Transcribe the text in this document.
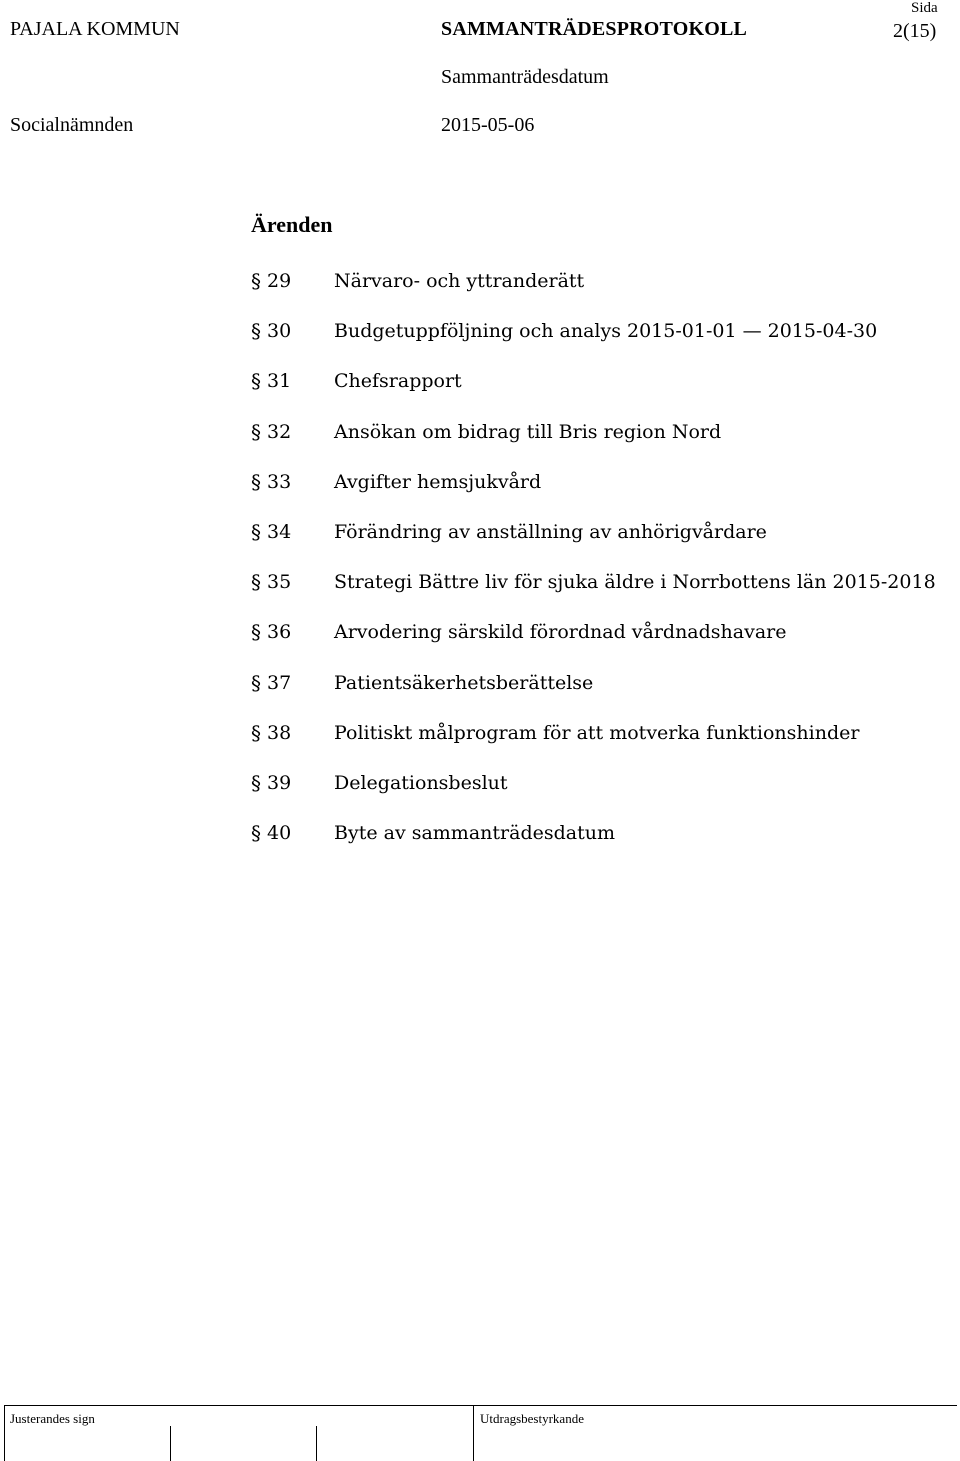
PAJALA KOMMUN	SAMMANTRÄDESPROTOKOLL
Sida
2(15)
Sammanträdesdatum
Socialnämnden	2015-05-06
Ärenden
§ 29	Närvaro- och yttranderätt
§ 30	Budgetuppföljning och analys 2015-01-01 — 2015-04-30
§ 31	Chefsrapport
§ 32	Ansökan om bidrag till Bris region Nord
§ 33	Avgifter hemsjukvård
§ 34	Förändring av anställning av anhörigvårdare
§ 35	Strategi Bättre liv för sjuka äldre i Norrbottens län 2015-2018
§ 36	Arvodering särskild förordnad vårdnadshavare
§ 37	Patientsäkerhetsberättelse
§ 38	Politiskt målprogram för att motverka funktionshinder
§ 39	Delegationsbeslut
§ 40	Byte av sammanträdesdatum
Justerandes sign	Utdragsbestyrkande
